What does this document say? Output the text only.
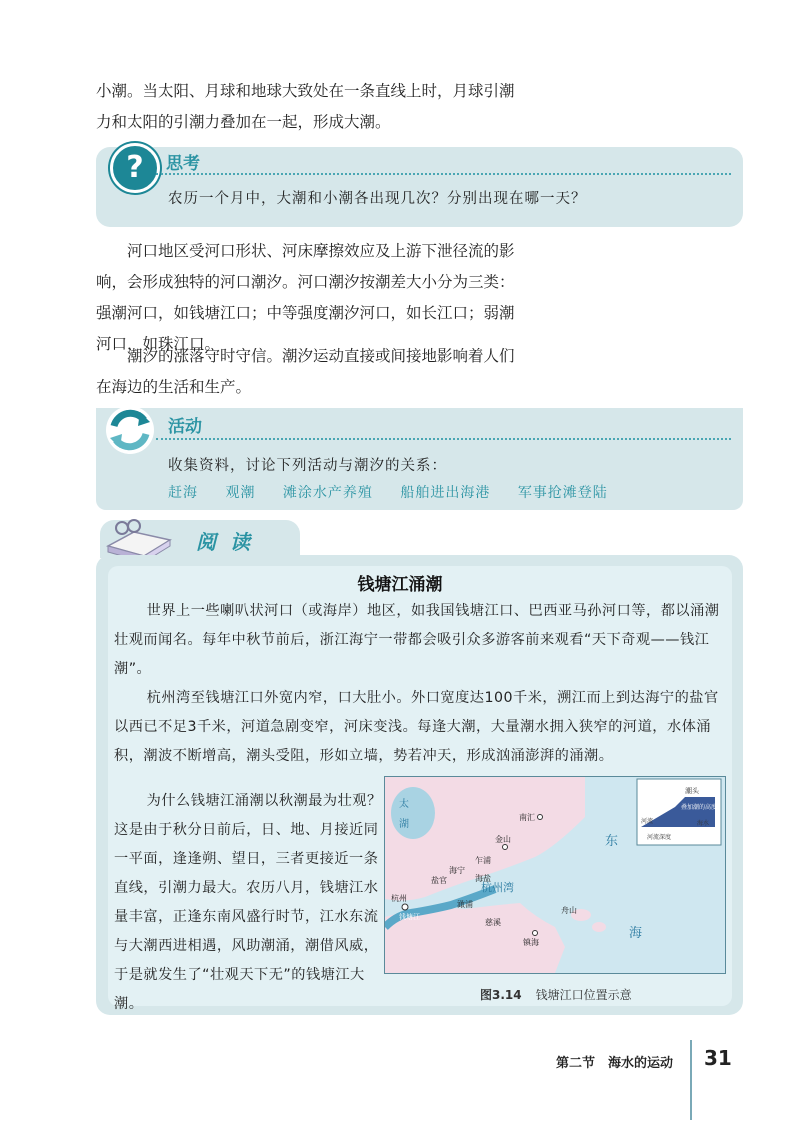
小潮。当太阳、月球和地球大致处在一条直线上时，月球引潮

力和太阳的引潮力叠加在一起，形成大潮。

?	思考
农历一个月中，大潮和小潮各出现几次？分别出现在哪一天？

河口地区受河口形状、河床摩擦效应及上游下泄径流的影响，会形成独特的河口潮汐。河口潮汐按潮差大小分为三类：强潮河口，如钱塘江口；中等强度潮汐河口，如长江口；弱潮河口，如珠江口。

潮汐的涨落守时守信。潮汐运动直接或间接地影响着人们在海边的生活和生产。

活动
收集资料，讨论下列活动与潮汐的关系：
赶海 观潮 滩涂水产养殖 船舶进出海港 军事抢滩登陆
阅读
钱塘江涌潮

世界上一些喇叭状河口（或海岸）地区，如我国钱塘江口、巴西亚马孙河口等，都以涌潮壮观而闻名。每年中秋节前后，浙江海宁一带都会吸引众多游客前来观看“天下奇观——钱江潮”。

杭州湾至钱塘江口外宽内窄，口大肚小。外口宽度达100千米，溯江而上到达海宁的盐官以西已不足3千米，河道急剧变窄，河床变浅。每逢大潮，大量潮水拥入狭窄的河道，水体涌积，潮波不断增高，潮头受阻，形如立墙，势若冲天，形成汹涌澎湃的涌潮。

为什么钱塘江涌潮以秋潮最为壮观？这是由于秋分日前后，日、地、月接近同一平面，逢逢朔、望日，三者更接近一条直线，引潮力最大。农历八月，钱塘江水量丰富，正逢东南风盛行时节，江水东流与大潮西进相遇，风助潮涌，潮借风威，于是就发生了“壮观天下无”的钱塘江大潮。

潮头
叠加潮的高度
河流	海水
河流深度
太
湖
南汇
金山
乍浦
海宁
盐官	海盐
杭州
钱塘江
杭州湾
澉浦
慈溪
镇海
舟山
东
海
图3.14 钱塘江口位置示意
第二节　海水的运动 31
